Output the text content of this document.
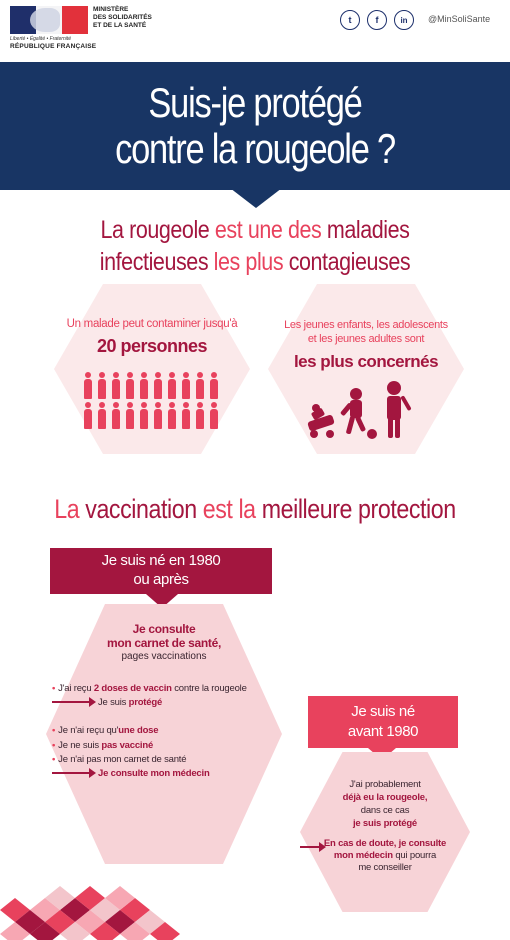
Liberté • Égalité • Fraternité
RÉPUBLIQUE FRANÇAISE
MINISTÈRE
DES SOLIDARITÉS
ET DE LA SANTÉ
t	f	in	@MinSoliSante
Suis-je protégé
contre la rougeole ?
La rougeole est une des maladies
infectieuses les plus contagieuses
Un malade peut contaminer jusqu'à
20 personnes
Les jeunes enfants, les adolescents
et les jeunes adultes sont
les plus concernés
La vaccination est la meilleure protection
Je suis né en 1980
ou après
Je consulte
mon carnet de santé,
pages vaccinations
• J'ai reçu 2 doses de vaccin contre la rougeole
Je suis protégé
• Je n'ai reçu qu'une dose
• Je ne suis pas vacciné
• Je n'ai pas mon carnet de santé
Je consulte mon médecin
Je suis né
avant 1980
J'ai probablement
déjà eu la rougeole,
dans ce cas
je suis protégé
En cas de doute, je consulte
mon médecin qui pourra
me conseiller
